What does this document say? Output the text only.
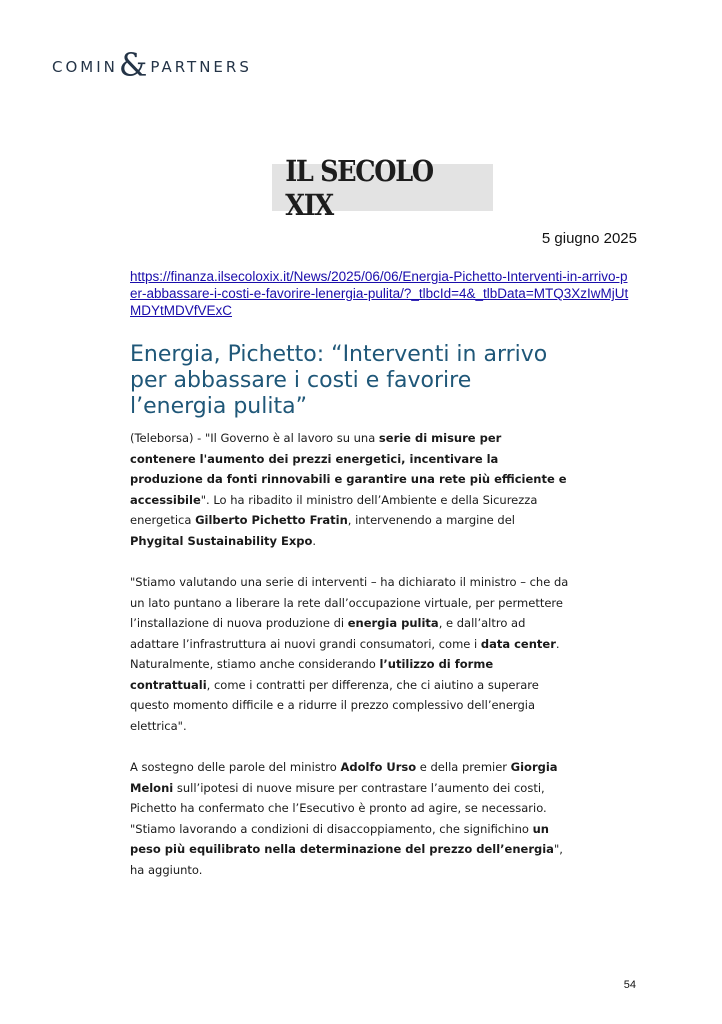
COMIN & PARTNERS
IL SECOLO XIX
5 giugno 2025
https://finanza.ilsecoloxix.it/News/2025/06/06/Energia-Pichetto-Interventi-in-arrivo-per-abbassare-i-costi-e-favorire-lenergia-pulita/?_tlbcId=4&_tlbData=MTQ3XzIwMjUtMDYtMDVfVExC
Energia, Pichetto: “Interventi in arrivo per abbassare i costi e favorire l’energia pulita”

(Teleborsa) - "Il Governo è al lavoro su una serie di misure per contenere l'aumento dei prezzi energetici, incentivare la produzione da fonti rinnovabili e garantire una rete più efficiente e accessibile". Lo ha ribadito il ministro dell’Ambiente e della Sicurezza energetica Gilberto Pichetto Fratin, intervenendo a margine del Phygital Sustainability Expo.

"Stiamo valutando una serie di interventi – ha dichiarato il ministro – che da un lato puntano a liberare la rete dall’occupazione virtuale, per permettere l’installazione di nuova produzione di energia pulita, e dall’altro ad adattare l’infrastruttura ai nuovi grandi consumatori, come i data center. Naturalmente, stiamo anche considerando l’utilizzo di forme contrattuali, come i contratti per differenza, che ci aiutino a superare questo momento difficile e a ridurre il prezzo complessivo dell’energia elettrica".

A sostegno delle parole del ministro Adolfo Urso e della premier Giorgia Meloni sull’ipotesi di nuove misure per contrastare l’aumento dei costi, Pichetto ha confermato che l’Esecutivo è pronto ad agire, se necessario. "Stiamo lavorando a condizioni di disaccoppiamento, che significhino un peso più equilibrato nella determinazione del prezzo dell’energia", ha aggiunto.

54
